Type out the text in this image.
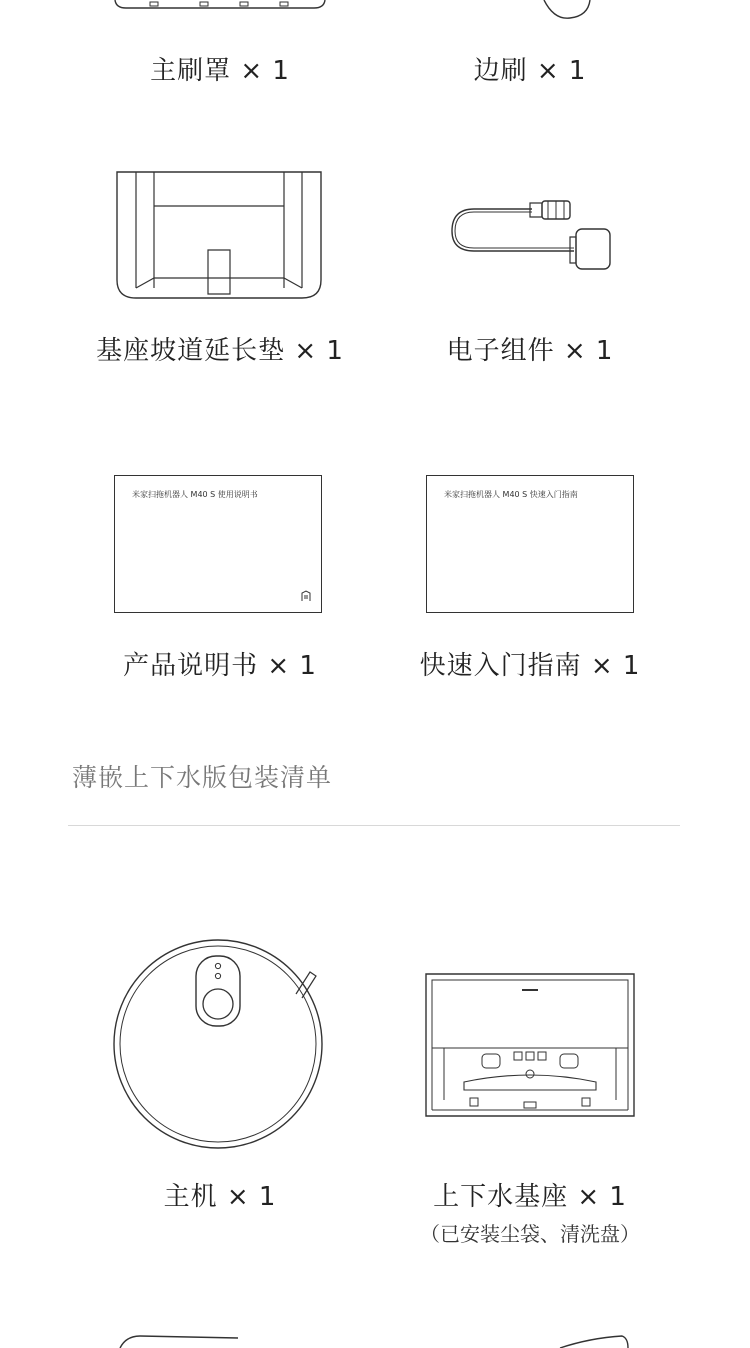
主刷罩 × 1	边刷 × 1
基座坡道延长垫 × 1	电子组件 × 1
米家扫拖机器人 M40 S 使用说明书	米家扫拖机器人 M40 S 快速入门指南
产品说明书 × 1	快速入门指南 × 1
薄嵌上下水版包装清单
主机 × 1	上下水基座 × 1
（已安装尘袋、清洗盘）
